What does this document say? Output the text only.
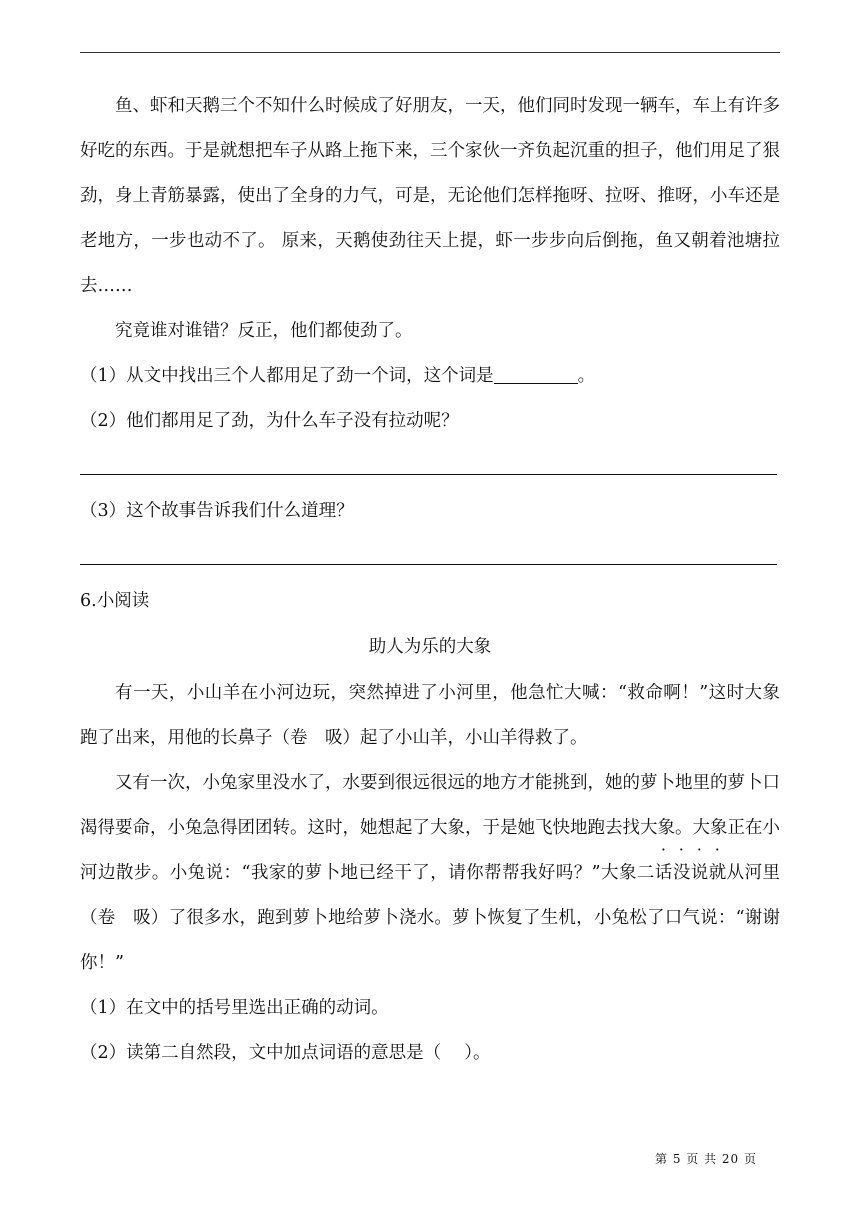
鱼、虾和天鹅三个不知什么时候成了好朋友，一天，他们同时发现一辆车，车上有许多好吃的东西。于是就想把车子从路上拖下来，三个家伙一齐负起沉重的担子，他们用足了狠劲，身上青筋暴露，使出了全身的力气，可是，无论他们怎样拖呀、拉呀、推呀，小车还是老地方，一步也动不了。 原来，天鹅使劲往天上提，虾一步步向后倒拖，鱼又朝着池塘拉去……

究竟谁对谁错？反正，他们都使劲了。

（1）从文中找出三个人都用足了劲一个词，这个词是	。

（2）他们都用足了劲，为什么车子没有拉动呢？

（3）这个故事告诉我们什么道理？

6.小阅读

助人为乐的大象

有一天，小山羊在小河边玩，突然掉进了小河里，他急忙大喊：“救命啊！”这时大象跑了出来，用他的长鼻子（卷　吸）起了小山羊，小山羊得救了。

又有一次，小兔家里没水了，水要到很远很远的地方才能挑到，她的萝卜地里的萝卜口渴得要命，小兔急得团团转。这时，她想起了大象，于是她飞快地跑去找大象。大象正在小河边散步。小兔说：“我家的萝卜地已经干了，请你帮帮我好吗？”大象二话没说就从河里　　（卷　吸）了很多水，跑到萝卜地给萝卜浇水。萝卜恢复了生机，小兔松了口气说：“谢谢你！”

（1）在文中的括号里选出正确的动词。

（2）读第二自然段，文中加点词语的意思是（　 ）。

第 5 页 共 20 页
